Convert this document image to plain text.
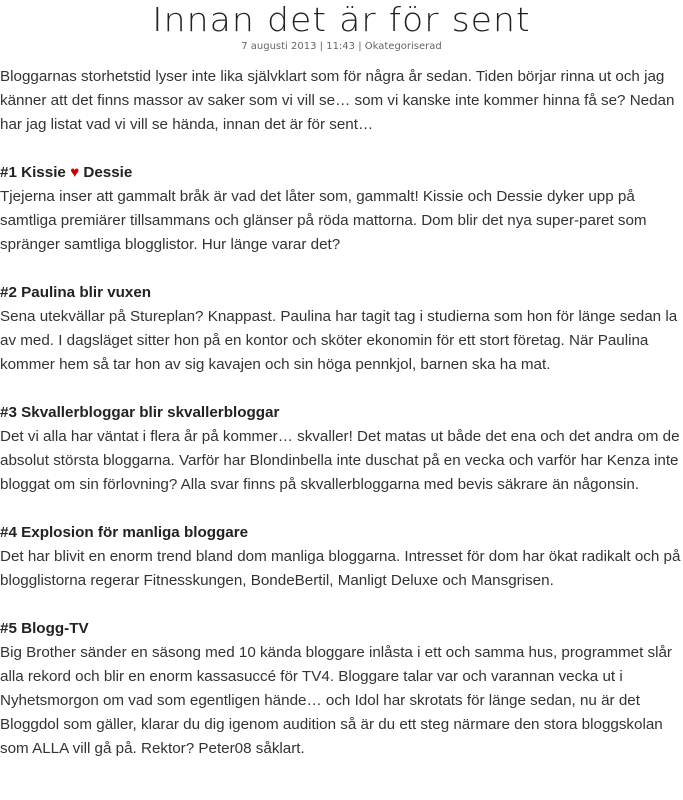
Innan det är för sent
7 augusti 2013 | 11:43 | Okategoriserad

Bloggarnas storhetstid lyser inte lika självklart som för några år sedan. Tiden börjar rinna ut och jag känner att det finns massor av saker som vi vill se… som vi kanske inte kommer hinna få se? Nedan har jag listat vad vi vill se hända, innan det är för sent…

#1 Kissie ♥ Dessie

Tjejerna inser att gammalt bråk är vad det låter som, gammalt! Kissie och Dessie dyker upp på samtliga premiärer tillsammans och glänser på röda mattorna. Dom blir det nya super-paret som spränger samtliga blogglistor. Hur länge varar det?

#2 Paulina blir vuxen

Sena utekvällar på Stureplan? Knappast. Paulina har tagit tag i studierna som hon för länge sedan la av med. I dagsläget sitter hon på en kontor och sköter ekonomin för ett stort företag. När Paulina kommer hem så tar hon av sig kavajen och sin höga pennkjol, barnen ska ha mat.

#3 Skvallerbloggar blir skvallerbloggar

Det vi alla har väntat i flera år på kommer… skvaller! Det matas ut både det ena och det andra om de absolut största bloggarna. Varför har Blondinbella inte duschat på en vecka och varför har Kenza inte bloggat om sin förlovning? Alla svar finns på skvallerbloggarna med bevis säkrare än någonsin.

#4 Explosion för manliga bloggare

Det har blivit en enorm trend bland dom manliga bloggarna. Intresset för dom har ökat radikalt och på blogglistorna regerar Fitnesskungen, BondeBertil, Manligt Deluxe och Mansgrisen.

#5 Blogg-TV

Big Brother sänder en säsong med 10 kända bloggare inlåsta i ett och samma hus, programmet slår alla rekord och blir en enorm kassasuccé för TV4. Bloggare talar var och varannan vecka ut i Nyhetsmorgon om vad som egentligen hände… och Idol har skrotats för länge sedan, nu är det Bloggdol som gäller, klarar du dig igenom audition så är du ett steg närmare den stora bloggskolan som ALLA vill gå på. Rektor? Peter08 såklart.
